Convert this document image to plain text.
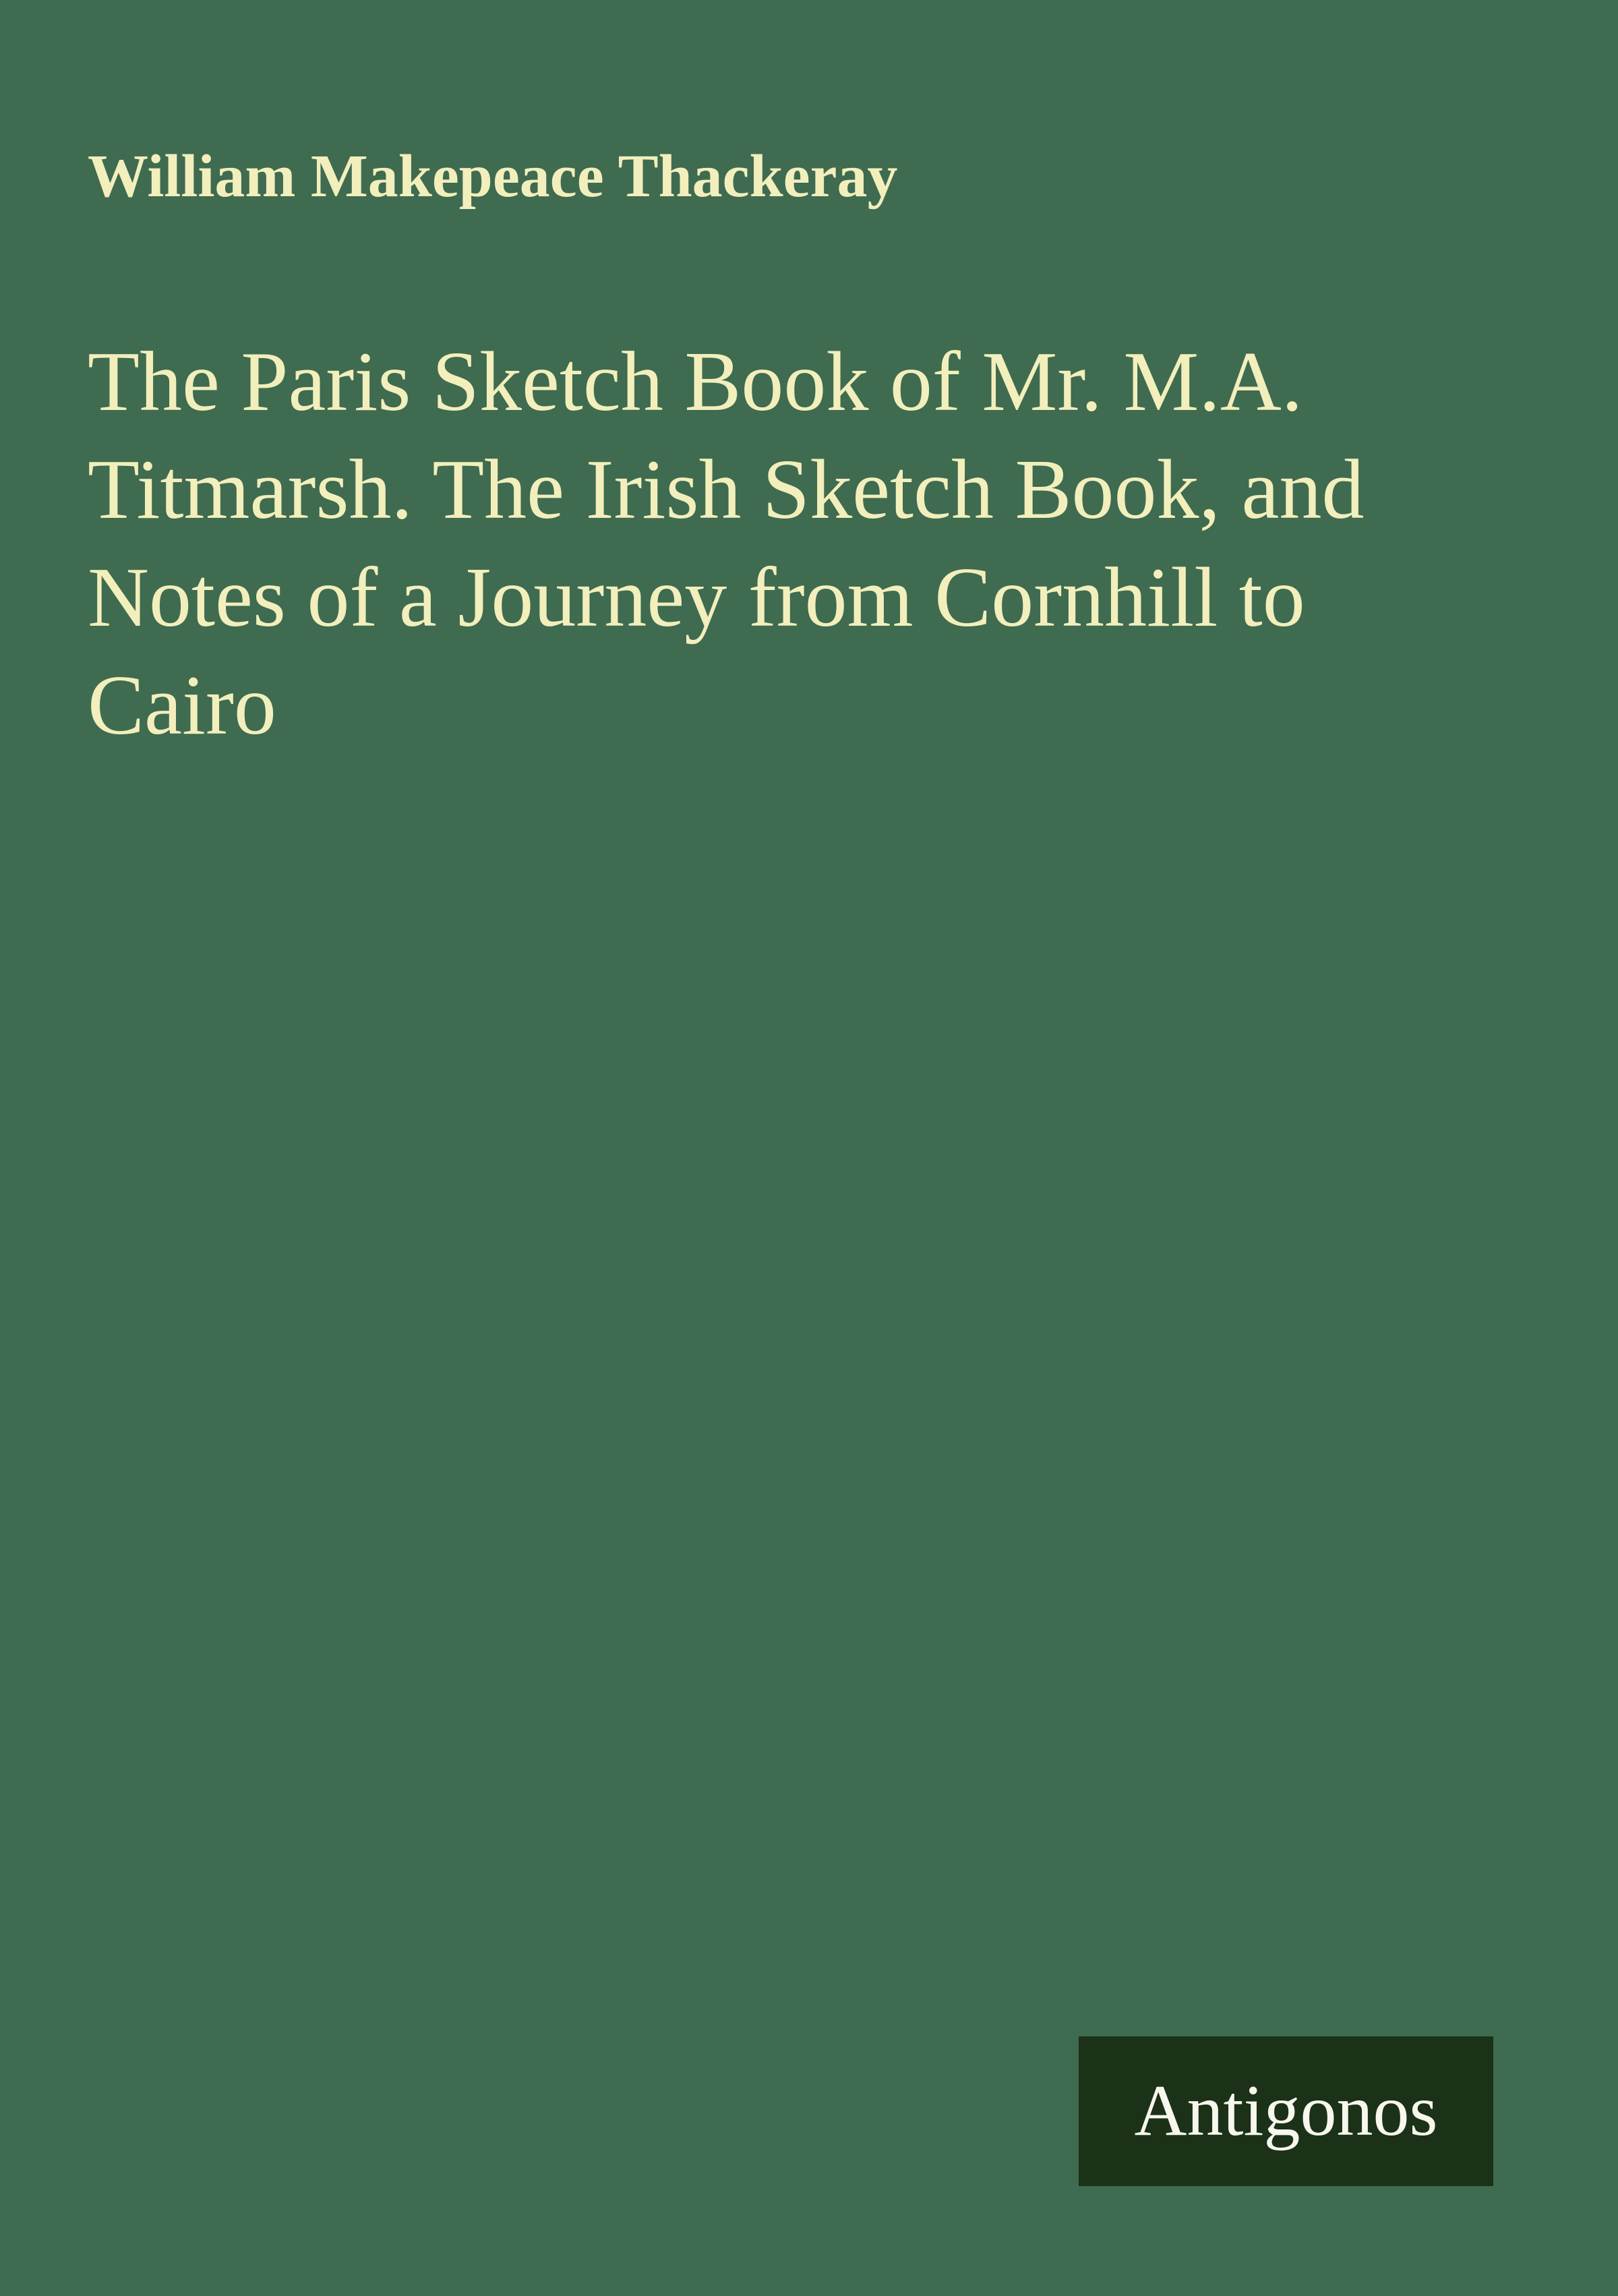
William Makepeace Thackeray
The Paris Sketch Book of Mr. M.A.
Titmarsh. The Irish Sketch Book, and
Notes of a Journey from Cornhill to
Cairo
Antigonos
